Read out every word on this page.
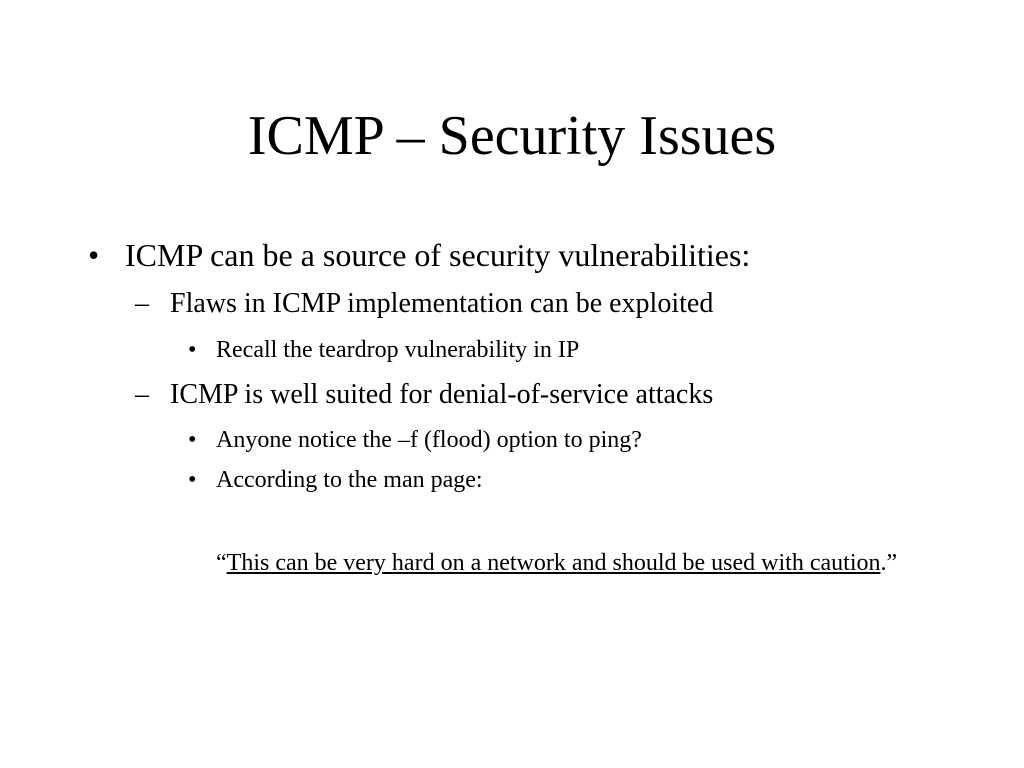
ICMP – Security Issues
• ICMP can be a source of security vulnerabilities:
– Flaws in ICMP implementation can be exploited
• Recall the teardrop vulnerability in IP
– ICMP is well suited for denial-of-service attacks
• Anyone notice the –f (flood) option to ping?
• According to the man page:
“This can be very hard on a network and should be used with caution.”
